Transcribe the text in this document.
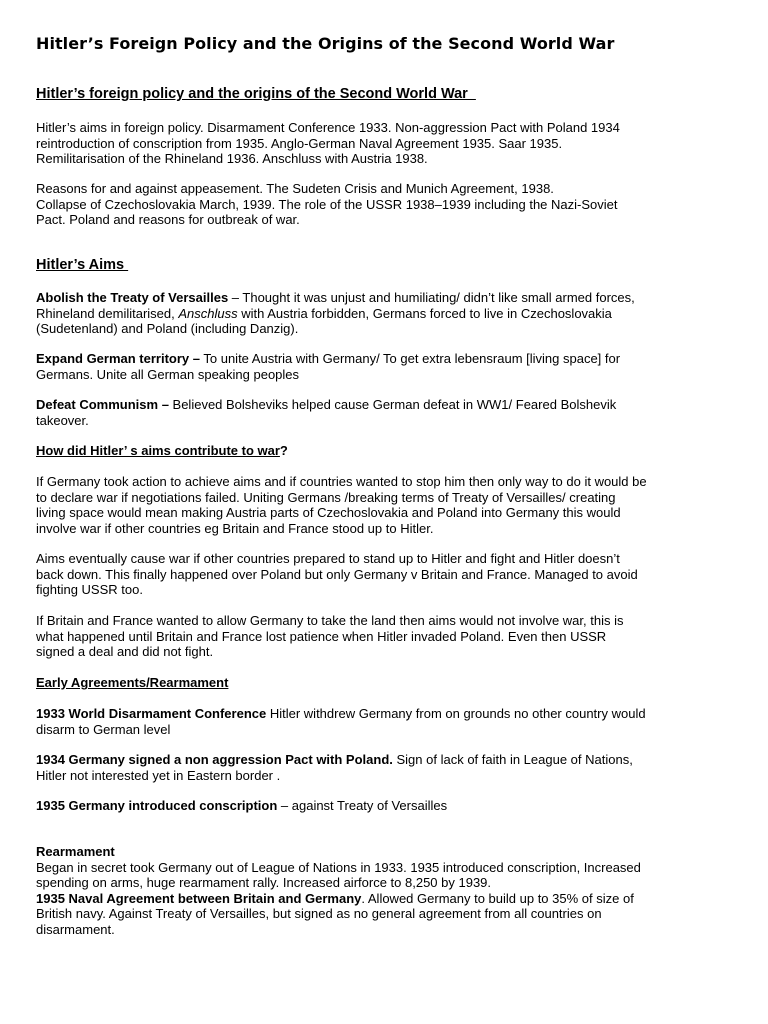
Hitler’s Foreign Policy and the Origins of the Second World War
Hitler’s foreign policy and the origins of the Second World War

Hitler’s aims in foreign policy. Disarmament Conference 1933. Non-aggression Pact with Poland 1934
reintroduction of conscription from 1935. Anglo-German Naval Agreement 1935. Saar 1935.
Remilitarisation of the Rhineland 1936. Anschluss with Austria 1938.

Reasons for and against appeasement. The Sudeten Crisis and Munich Agreement, 1938.
Collapse of Czechoslovakia March, 1939. The role of the USSR 1938–1939 including the Nazi-Soviet
Pact. Poland and reasons for outbreak of war.

Hitler’s Aims

Abolish the Treaty of Versailles – Thought it was unjust and humiliating/ didn’t like small armed forces,
Rhineland demilitarised, Anschluss with Austria forbidden, Germans forced to live in Czechoslovakia
(Sudetenland) and Poland (including Danzig).

Expand German territory – To unite Austria with Germany/ To get extra lebensraum [living space] for
Germans. Unite all German speaking peoples

Defeat Communism – Believed Bolsheviks helped cause German defeat in WW1/ Feared Bolshevik
takeover.

How did Hitler’ s aims contribute to war?

If Germany took action to achieve aims and if countries wanted to stop him then only way to do it would be
to declare war if negotiations failed. Uniting Germans /breaking terms of Treaty of Versailles/ creating
living space would mean making Austria parts of Czechoslovakia and Poland into Germany this would
involve war if other countries eg Britain and France stood up to Hitler.

Aims eventually cause war if other countries prepared to stand up to Hitler and fight and Hitler doesn’t
back down. This finally happened over Poland but only Germany v Britain and France. Managed to avoid
fighting USSR too.

If Britain and France wanted to allow Germany to take the land then aims would not involve war, this is
what happened until Britain and France lost patience when Hitler invaded Poland. Even then USSR
signed a deal and did not fight.

Early Agreements/Rearmament

1933 World Disarmament Conference Hitler withdrew Germany from on grounds no other country would
disarm to German level

1934 Germany signed a non aggression Pact with Poland. Sign of lack of faith in League of Nations,
Hitler not interested yet in Eastern border .

1935 Germany introduced conscription – against Treaty of Versailles

Rearmament
Began in secret took Germany out of League of Nations in 1933. 1935 introduced conscription, Increased
spending on arms, huge rearmament rally. Increased airforce to 8,250 by 1939.
1935 Naval Agreement between Britain and Germany. Allowed Germany to build up to 35% of size of
British navy. Against Treaty of Versailles, but signed as no general agreement from all countries on
disarmament.
